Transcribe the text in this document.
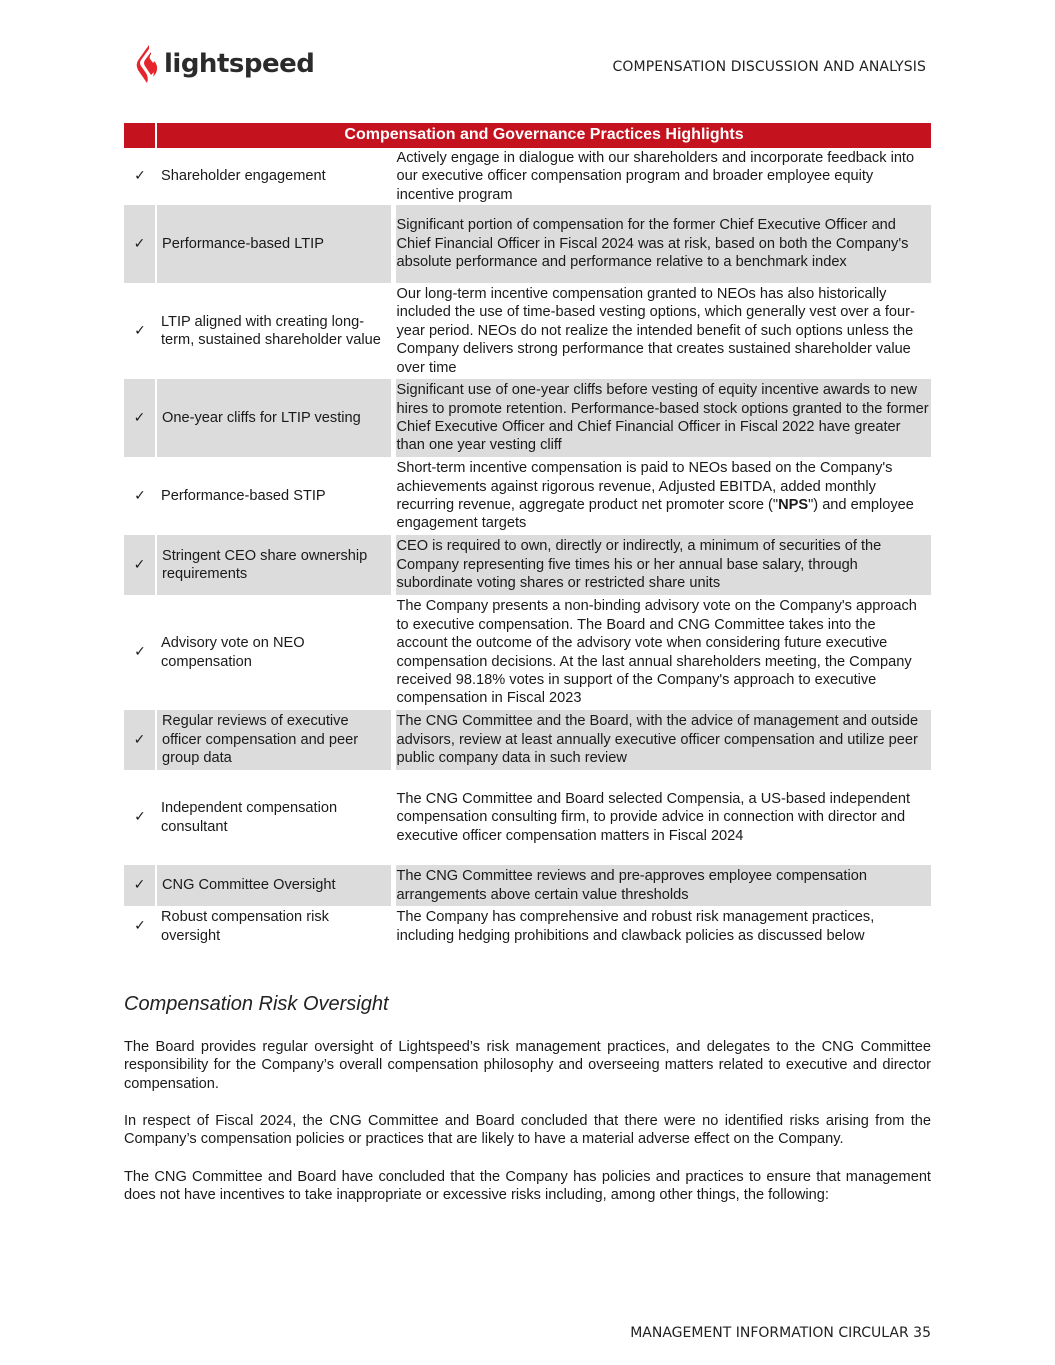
lightspeed	COMPENSATION DISCUSSION AND ANALYSIS
	Compensation and Governance Practices Highlights	
✓	Shareholder engagement	Actively engage in dialogue with our shareholders and incorporate feedback into our executive officer compensation program and broader employee equity incentive program
✓	Performance-based LTIP	Significant portion of compensation for the former Chief Executive Officer and Chief Financial Officer in Fiscal 2024 was at risk, based on both the Company's absolute performance and performance relative to a benchmark index
✓	LTIP aligned with creating long-term, sustained shareholder value	Our long-term incentive compensation granted to NEOs has also historically included the use of time-based vesting options, which generally vest over a four-year period. NEOs do not realize the intended benefit of such options unless the Company delivers strong performance that creates sustained shareholder value over time
✓	One-year cliffs for LTIP vesting	Significant use of one-year cliffs before vesting of equity incentive awards to new hires to promote retention. Performance-based stock options granted to the former Chief Executive Officer and Chief Financial Officer in Fiscal 2022 have greater than one year vesting cliff
✓	Performance-based STIP	Short-term incentive compensation is paid to NEOs based on the Company's achievements against rigorous revenue, Adjusted EBITDA, added monthly recurring revenue, aggregate product net promoter score ("NPS") and employee engagement targets
✓	Stringent CEO share ownership requirements	CEO is required to own, directly or indirectly, a minimum of securities of the Company representing five times his or her annual base salary, through subordinate voting shares or restricted share units
✓	Advisory vote on NEO compensation	The Company presents a non-binding advisory vote on the Company's approach to executive compensation. The Board and CNG Committee takes into the account the outcome of the advisory vote when considering future executive compensation decisions. At the last annual shareholders meeting, the Company received 98.18% votes in support of the Company's approach to executive compensation in Fiscal 2023
✓	Regular reviews of executive officer compensation and peer group data	The CNG Committee and the Board, with the advice of management and outside advisors, review at least annually executive officer compensation and utilize peer public company data in such review
✓	Independent compensation consultant	The CNG Committee and Board selected Compensia, a US-based independent compensation consulting firm, to provide advice in connection with director and executive officer compensation matters in Fiscal 2024
✓	CNG Committee Oversight	The CNG Committee reviews and pre-approves employee compensation arrangements above certain value thresholds
✓	Robust compensation risk oversight	The Company has comprehensive and robust risk management practices, including hedging prohibitions and clawback policies as discussed below
Compensation Risk Oversight

The Board provides regular oversight of Lightspeed’s risk management practices, and delegates to the CNG Committee responsibility for the Company’s overall compensation philosophy and overseeing matters related to executive and director compensation.

In respect of Fiscal 2024, the CNG Committee and Board concluded that there were no identified risks arising from the Company’s compensation policies or practices that are likely to have a material adverse effect on the Company.

The CNG Committee and Board have concluded that the Company has policies and practices to ensure that management does not have incentives to take inappropriate or excessive risks including, among other things, the following:

MANAGEMENT INFORMATION CIRCULAR 35
